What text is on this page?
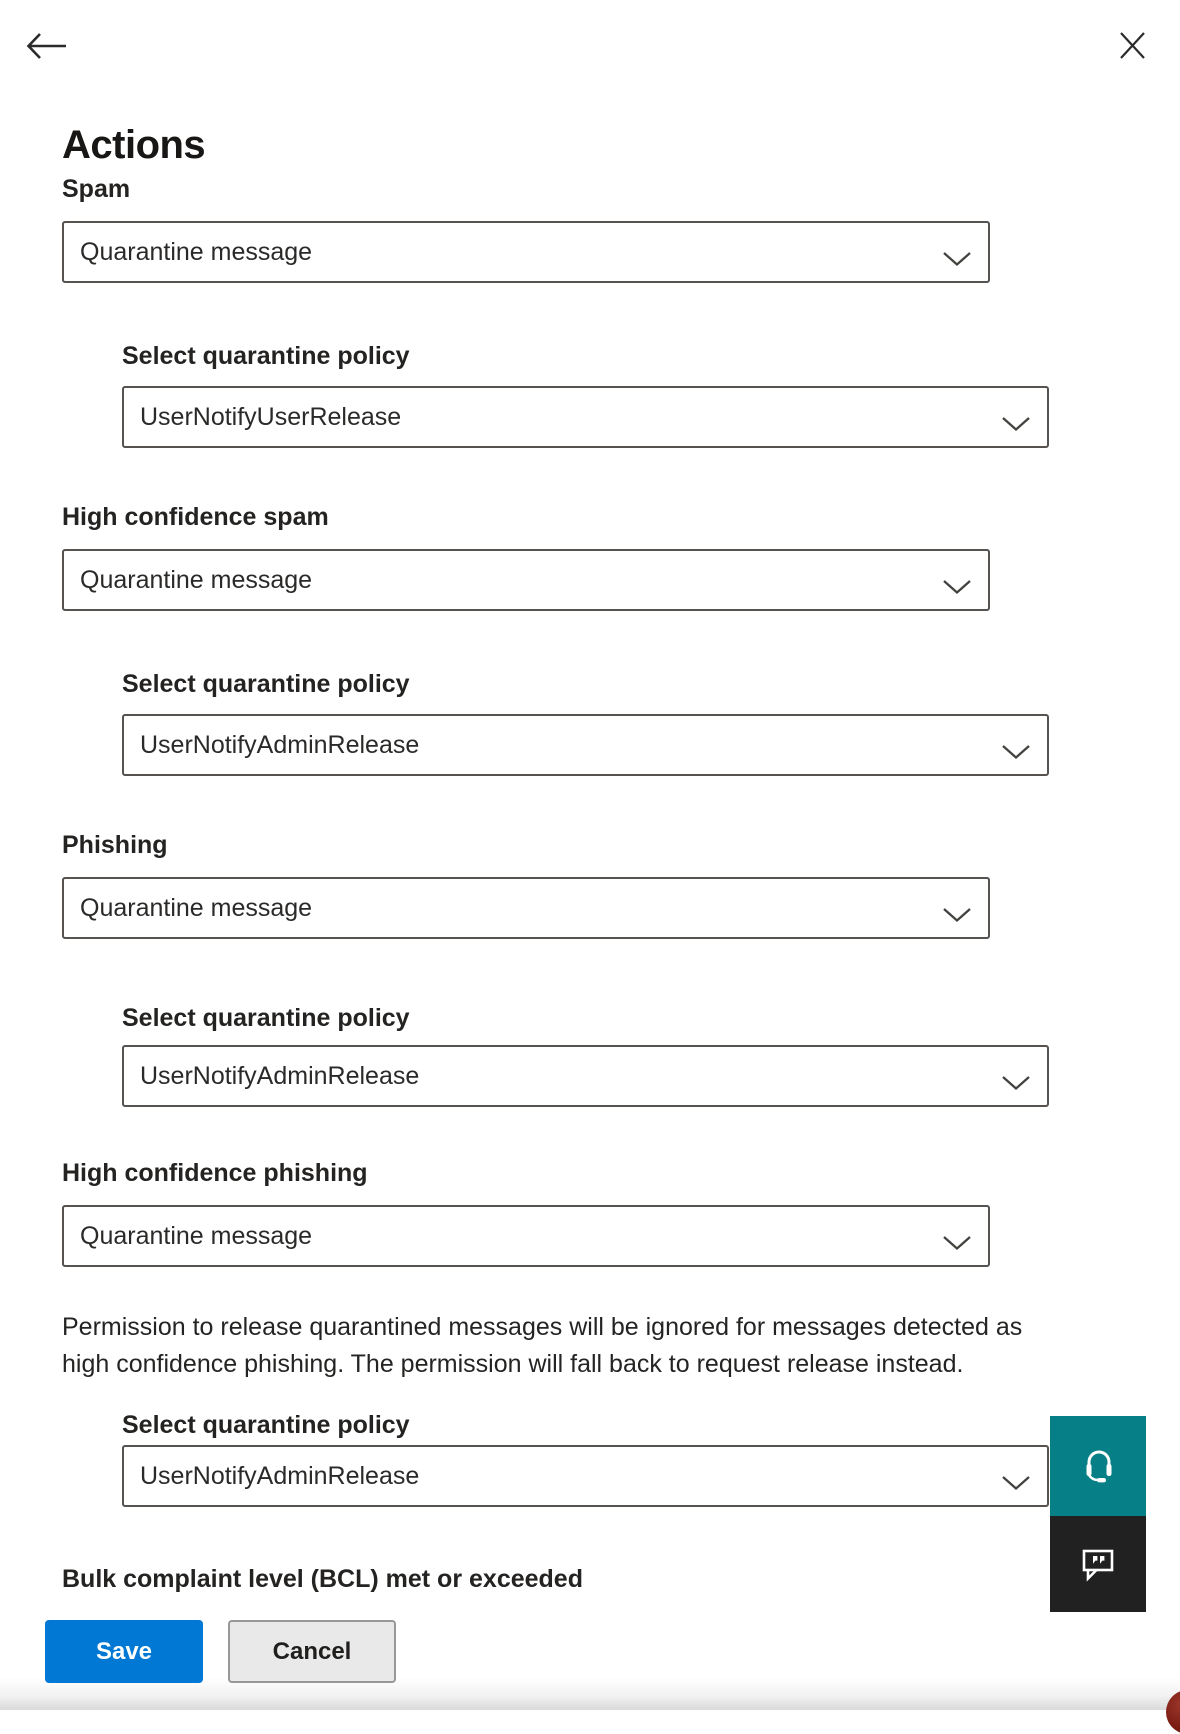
Actions
Spam
Quarantine message
Select quarantine policy
UserNotifyUserRelease
High confidence spam
Quarantine message
Select quarantine policy
UserNotifyAdminRelease
Phishing
Quarantine message
Select quarantine policy
UserNotifyAdminRelease
High confidence phishing
Quarantine message
Permission to release quarantined messages will be ignored for messages detected as
high confidence phishing. The permission will fall back to request release instead.
Select quarantine policy
UserNotifyAdminRelease
Bulk complaint level (BCL) met or exceeded
Save	Cancel
